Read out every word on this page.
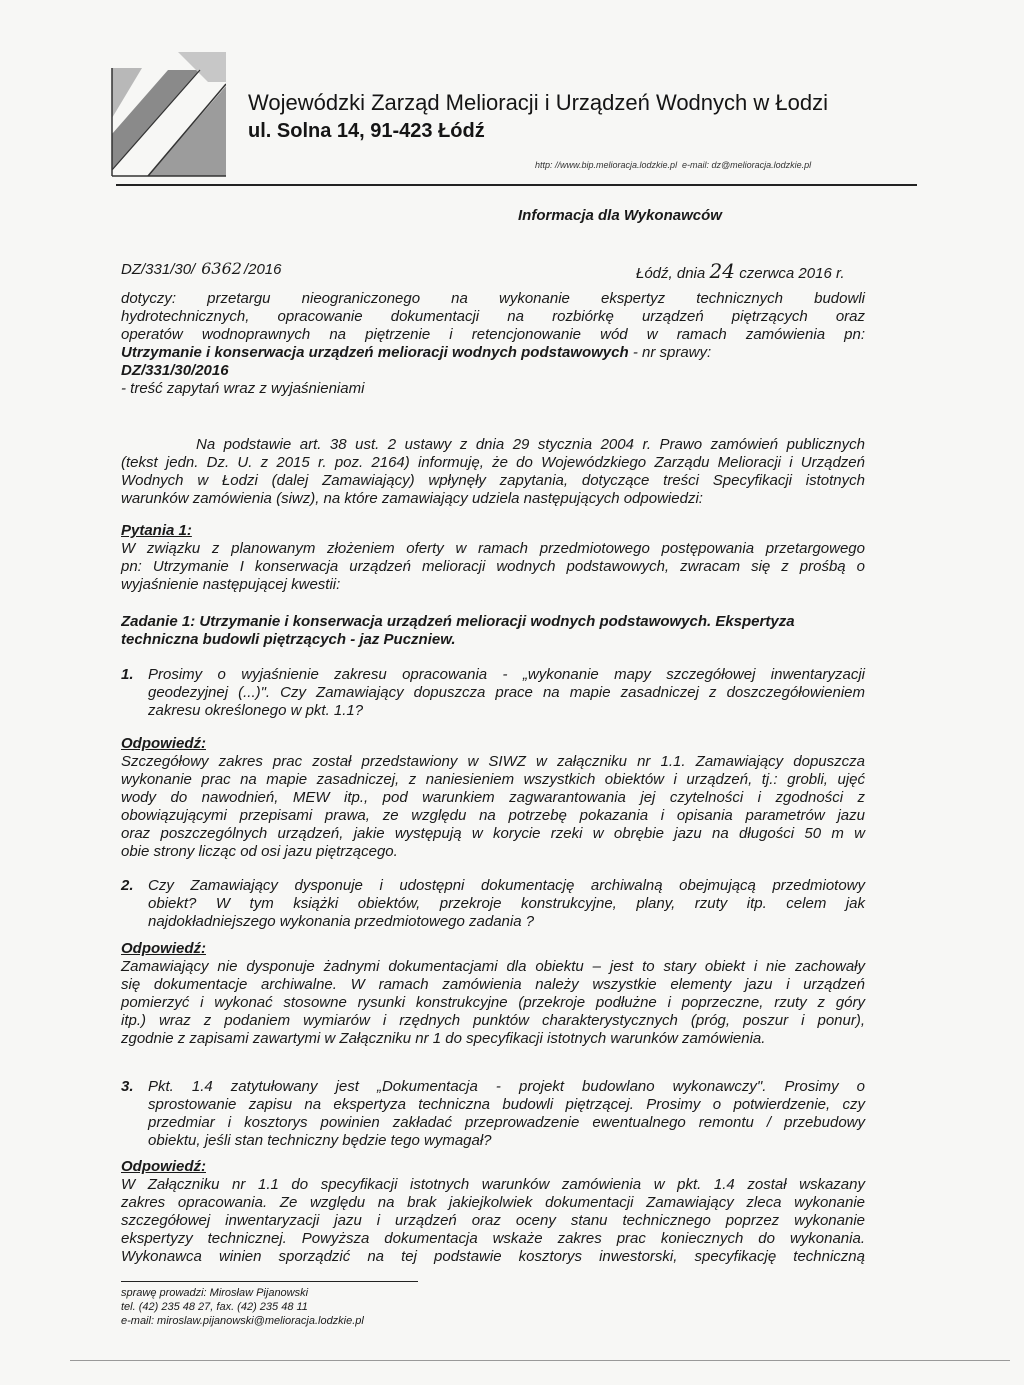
Wojewódzki Zarząd Melioracji i Urządzeń Wodnych w Łodzi
ul. Solna 14, 91-423 Łódź
http: //www.bip.melioracja.lodzkie.pl e-mail: dz@melioracja.lodzkie.pl
Informacja dla Wykonawców
DZ/331/30/ 6362 /2016	Łódź, dnia 24 czerwca 2016 r.
dotyczy: przetargu nieograniczonego na wykonanie ekspertyz technicznych budowli
hydrotechnicznych, opracowanie dokumentacji na rozbiórkę urządzeń piętrzących oraz
operatów wodnoprawnych na piętrzenie i retencjonowanie wód w ramach zamówienia pn:
Utrzymanie i konserwacja urządzeń melioracji wodnych podstawowych - nr sprawy:
DZ/331/30/2016
- treść zapytań wraz z wyjaśnieniami
Na podstawie art. 38 ust. 2 ustawy z dnia 29 stycznia 2004 r. Prawo zamówień publicznych
(tekst jedn. Dz. U. z 2015 r. poz. 2164) informuję, że do Wojewódzkiego Zarządu Melioracji i Urządzeń
Wodnych w Łodzi (dalej Zamawiający) wpłynęły zapytania, dotyczące treści Specyfikacji istotnych
warunków zamówienia (siwz), na które zamawiający udziela następujących odpowiedzi:
Pytania 1:
W związku z planowanym złożeniem oferty w ramach przedmiotowego postępowania przetargowego
pn: Utrzymanie I konserwacja urządzeń melioracji wodnych podstawowych, zwracam się z prośbą o
wyjaśnienie następującej kwestii:
Zadanie 1: Utrzymanie i konserwacja urządzeń melioracji wodnych podstawowych. Ekspertyza
techniczna budowli piętrzących - jaz Puczniew.
1. Prosimy o wyjaśnienie zakresu opracowania - „wykonanie mapy szczegółowej inwentaryzacji
geodezyjnej (...)". Czy Zamawiający dopuszcza prace na mapie zasadniczej z doszczegółowieniem
zakresu określonego w pkt. 1.1?
Odpowiedź:
Szczegółowy zakres prac został przedstawiony w SIWZ w załączniku nr 1.1. Zamawiający dopuszcza
wykonanie prac na mapie zasadniczej, z naniesieniem wszystkich obiektów i urządzeń, tj.: grobli, ujęć
wody do nawodnień, MEW itp., pod warunkiem zagwarantowania jej czytelności i zgodności z
obowiązującymi przepisami prawa, ze względu na potrzebę pokazania i opisania parametrów jazu
oraz poszczególnych urządzeń, jakie występują w korycie rzeki w obrębie jazu na długości 50 m w
obie strony licząc od osi jazu piętrzącego.
2. Czy Zamawiający dysponuje i udostępni dokumentację archiwalną obejmującą przedmiotowy
obiekt? W tym książki obiektów, przekroje konstrukcyjne, plany, rzuty itp. celem jak
najdokładniejszego wykonania przedmiotowego zadania ?
Odpowiedź:
Zamawiający nie dysponuje żadnymi dokumentacjami dla obiektu – jest to stary obiekt i nie zachowały
się dokumentacje archiwalne. W ramach zamówienia należy wszystkie elementy jazu i urządzeń
pomierzyć i wykonać stosowne rysunki konstrukcyjne (przekroje podłużne i poprzeczne, rzuty z góry
itp.) wraz z podaniem wymiarów i rzędnych punktów charakterystycznych (próg, poszur i ponur),
zgodnie z zapisami zawartymi w Załączniku nr 1 do specyfikacji istotnych warunków zamówienia.
3. Pkt. 1.4 zatytułowany jest „Dokumentacja - projekt budowlano wykonawczy". Prosimy o
sprostowanie zapisu na ekspertyza techniczna budowli piętrzącej. Prosimy o potwierdzenie, czy
przedmiar i kosztorys powinien zakładać przeprowadzenie ewentualnego remontu / przebudowy
obiektu, jeśli stan techniczny będzie tego wymagał?
Odpowiedź:
W Załączniku nr 1.1 do specyfikacji istotnych warunków zamówienia w pkt. 1.4 został wskazany
zakres opracowania. Ze względu na brak jakiejkolwiek dokumentacji Zamawiający zleca wykonanie
szczegółowej inwentaryzacji jazu i urządzeń oraz oceny stanu technicznego poprzez wykonanie
ekspertyzy technicznej. Powyższa dokumentacja wskaże zakres prac koniecznych do wykonania.
Wykonawca winien sporządzić na tej podstawie kosztorys inwestorski, specyfikację techniczną
sprawę prowadzi: Mirosław Pijanowski
tel. (42) 235 48 27, fax. (42) 235 48 11
e-mail: miroslaw.pijanowski@melioracja.lodzkie.pl
